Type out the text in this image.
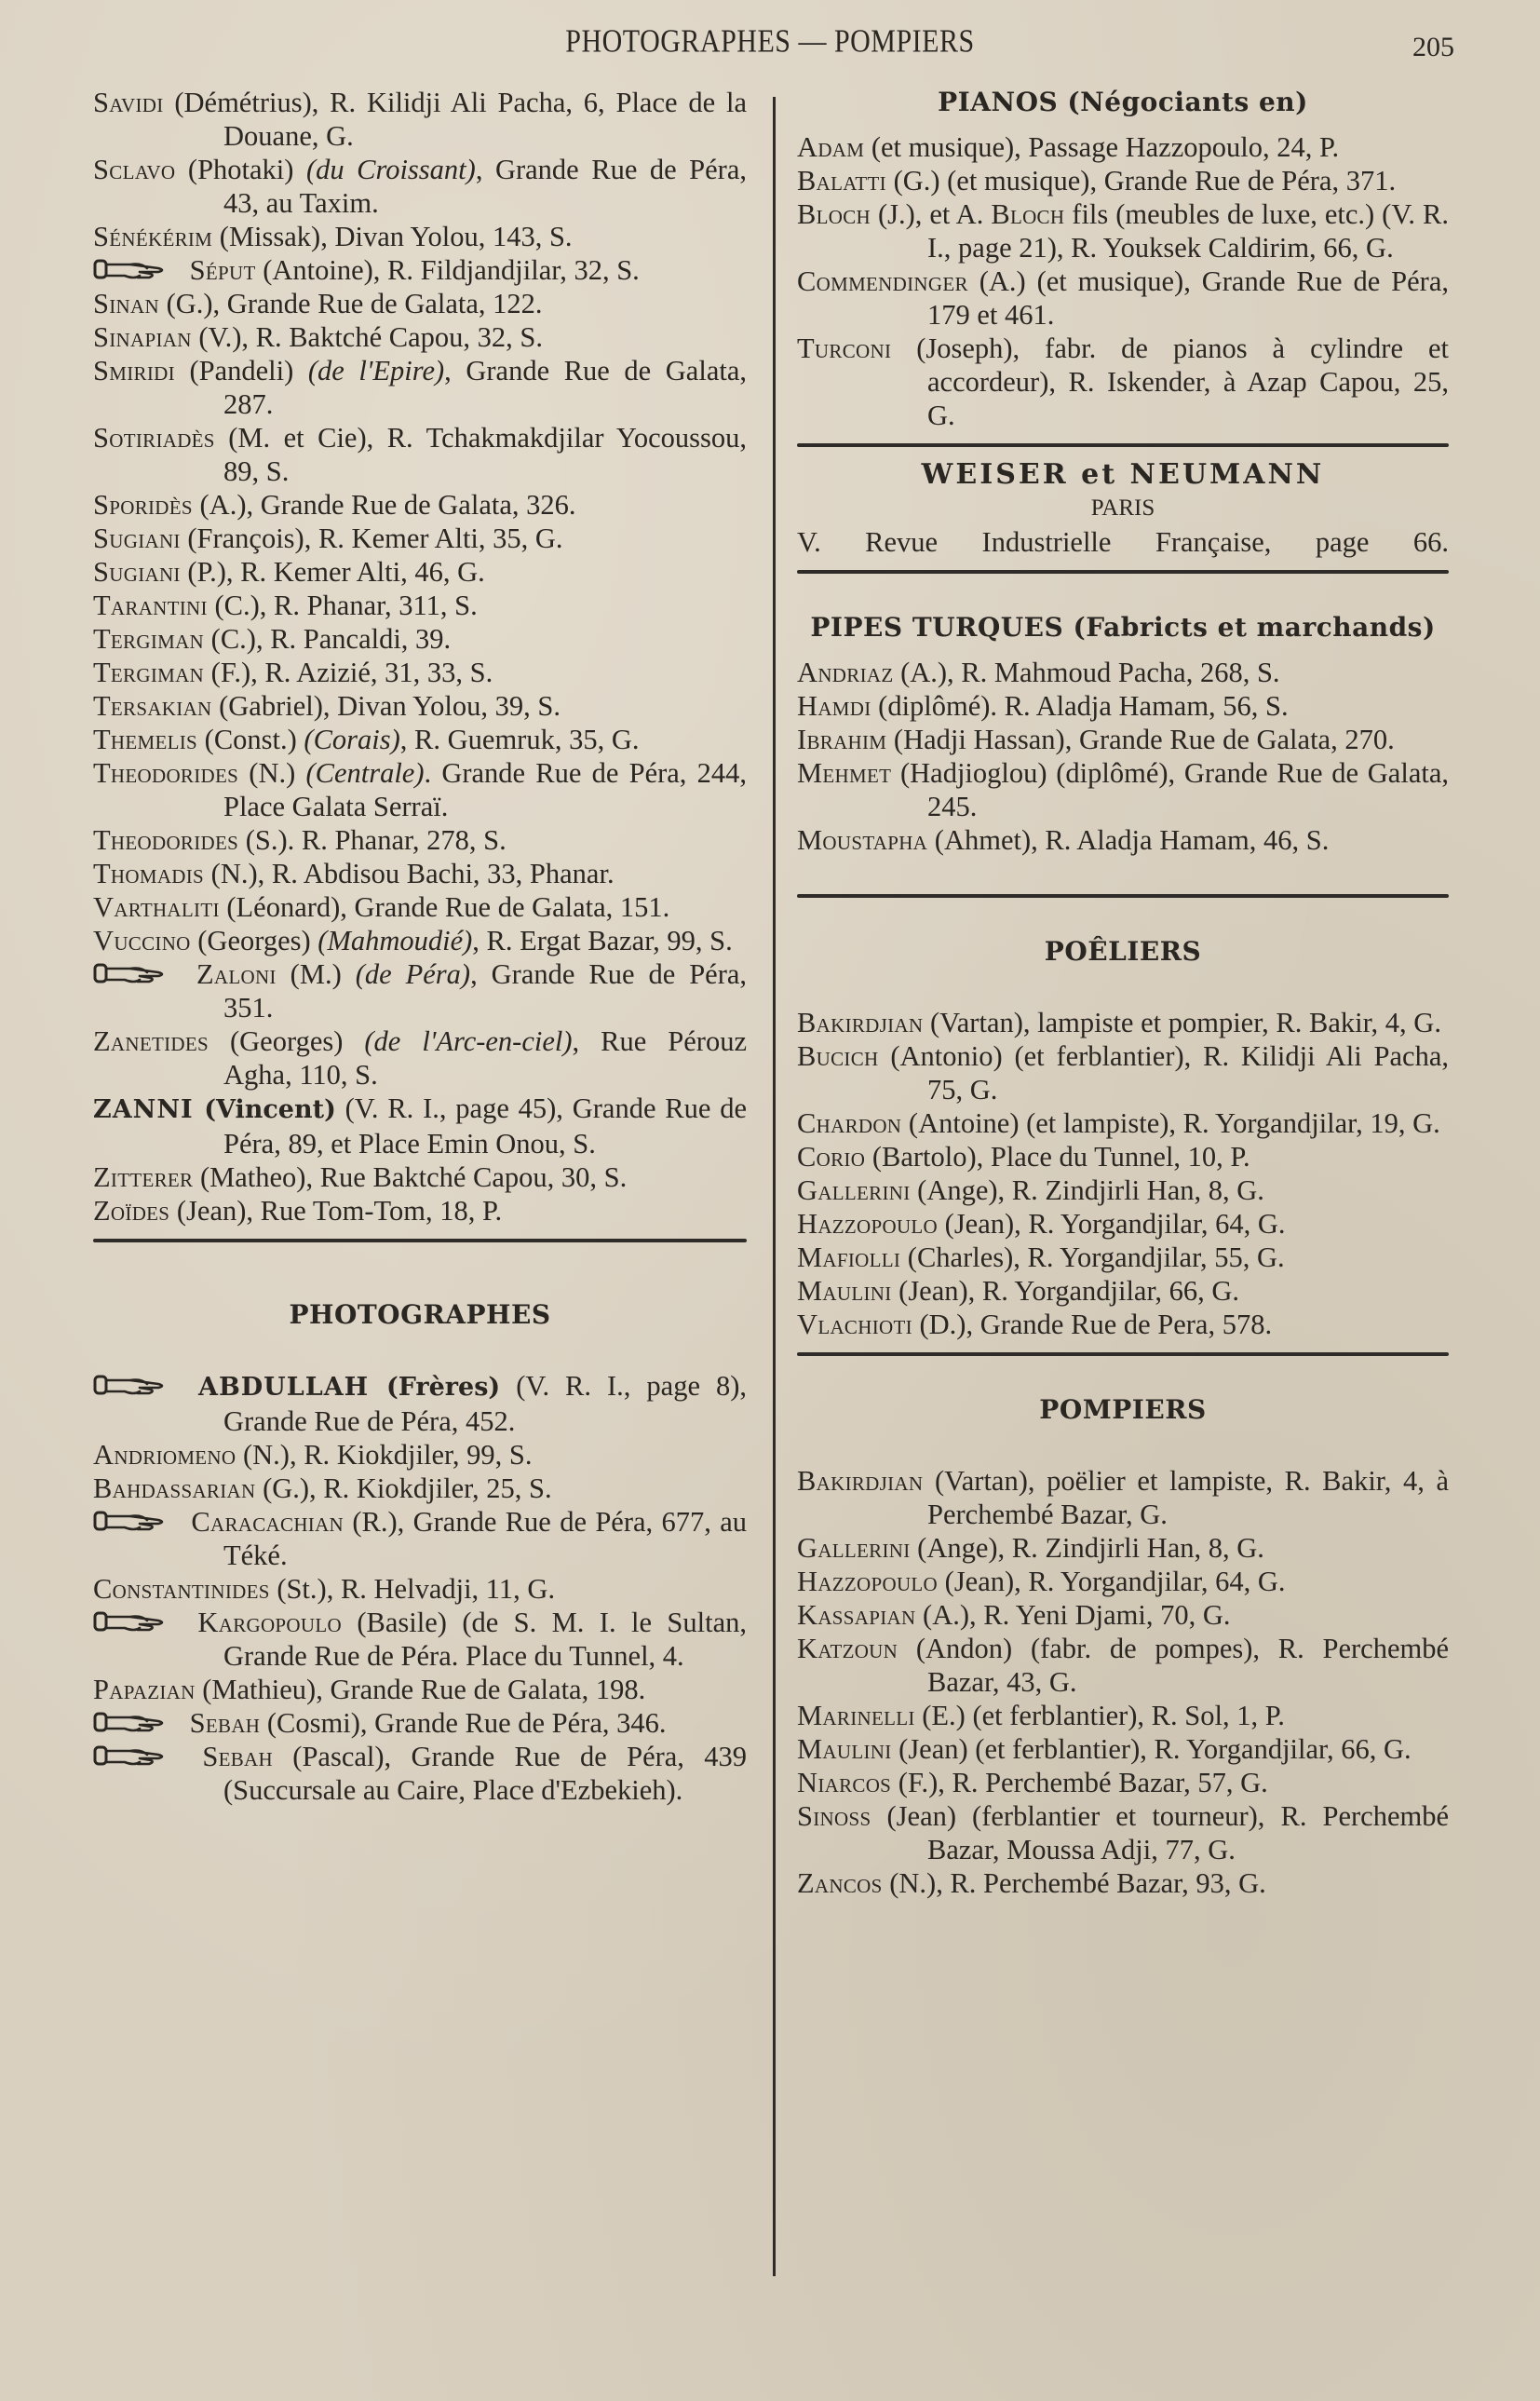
PHOTOGRAPHES — POMPIERS	205

Savidi (Démétrius), R. Kilidji Ali Pacha, 6, Place de la Douane, G.

Sclavo (Photaki) (du Croissant), Grande Rue de Péra, 43, au Taxim.

Sénékérim (Missak), Divan Yolou, 143, S.

Séput (Antoine), R. Fildjandjilar, 32, S.

Sinan (G.), Grande Rue de Galata, 122.

Sinapian (V.), R. Baktché Capou, 32, S.

Smiridi (Pandeli) (de l'Epire), Grande Rue de Galata, 287.

Sotiriadès (M. et Cie), R. Tchakmakdjilar Yocoussou, 89, S.

Sporidès (A.), Grande Rue de Galata, 326.

Sugiani (François), R. Kemer Alti, 35, G.

Sugiani (P.), R. Kemer Alti, 46, G.

Tarantini (C.), R. Phanar, 311, S.

Tergiman (C.), R. Pancaldi, 39.

Tergiman (F.), R. Azizié, 31, 33, S.

Tersakian (Gabriel), Divan Yolou, 39, S.

Themelis (Const.) (Corais), R. Guemruk, 35, G.

Theodorides (N.) (Centrale). Grande Rue de Péra, 244, Place Galata Serraï.

Theodorides (S.). R. Phanar, 278, S.

Thomadis (N.), R. Abdisou Bachi, 33, Phanar.

Varthaliti (Léonard), Grande Rue de Galata, 151.

Vuccino (Georges) (Mahmoudié), R. Ergat Bazar, 99, S.

Zaloni (M.) (de Péra), Grande Rue de Péra, 351.

Zanetides (Georges) (de l'Arc-en-ciel), Rue Pérouz Agha, 110, S.

ZANNI (Vincent) (V. R. I., page 45), Grande Rue de Péra, 89, et Place Emin Onou, S.

Zitterer (Matheo), Rue Baktché Capou, 30, S.

Zoïdes (Jean), Rue Tom-Tom, 18, P.

PHOTOGRAPHES

ABDULLAH (Frères) (V. R. I., page 8), Grande Rue de Péra, 452.

Andriomeno (N.), R. Kiokdjiler, 99, S.

Bahdassarian (G.), R. Kiokdjiler, 25, S.

Caracachian (R.), Grande Rue de Péra, 677, au Téké.

Constantinides (St.), R. Helvadji, 11, G.

Kargopoulo (Basile) (de S. M. I. le Sultan, Grande Rue de Péra. Place du Tunnel, 4.

Papazian (Mathieu), Grande Rue de Galata, 198.

Sebah (Cosmi), Grande Rue de Péra, 346.

Sebah (Pascal), Grande Rue de Péra, 439 (Succursale au Caire, Place d'Ezbekieh).

PIANOS (Négociants en)

Adam (et musique), Passage Hazzopoulo, 24, P.

Balatti (G.) (et musique), Grande Rue de Péra, 371.

Bloch (J.), et A. Bloch fils (meubles de luxe, etc.) (V. R. I., page 21), R. Youksek Caldirim, 66, G.

Commendinger (A.) (et musique), Grande Rue de Péra, 179 et 461.

Turconi (Joseph), fabr. de pianos à cylindre et accordeur), R. Iskender, à Azap Capou, 25, G.

WEISER et NEUMANN

PARIS

V. Revue Industrielle Française, page 66.

PIPES TURQUES (Fabricts et marchands)

Andriaz (A.), R. Mahmoud Pacha, 268, S.

Hamdi (diplômé). R. Aladja Hamam, 56, S.

Ibrahim (Hadji Hassan), Grande Rue de Galata, 270.

Mehmet (Hadjioglou) (diplômé), Grande Rue de Galata, 245.

Moustapha (Ahmet), R. Aladja Hamam, 46, S.

POÊLIERS

Bakirdjian (Vartan), lampiste et pompier, R. Bakir, 4, G.

Bucich (Antonio) (et ferblantier), R. Kilidji Ali Pacha, 75, G.

Chardon (Antoine) (et lampiste), R. Yorgandjilar, 19, G.

Corio (Bartolo), Place du Tunnel, 10, P.

Gallerini (Ange), R. Zindjirli Han, 8, G.

Hazzopoulo (Jean), R. Yorgandjilar, 64, G.

Mafiolli (Charles), R. Yorgandjilar, 55, G.

Maulini (Jean), R. Yorgandjilar, 66, G.

Vlachioti (D.), Grande Rue de Pera, 578.

POMPIERS

Bakirdjian (Vartan), poëlier et lampiste, R. Bakir, 4, à Perchembé Bazar, G.

Gallerini (Ange), R. Zindjirli Han, 8, G.

Hazzopoulo (Jean), R. Yorgandjilar, 64, G.

Kassapian (A.), R. Yeni Djami, 70, G.

Katzoun (Andon) (fabr. de pompes), R. Perchembé Bazar, 43, G.

Marinelli (E.) (et ferblantier), R. Sol, 1, P.

Maulini (Jean) (et ferblantier), R. Yorgandjilar, 66, G.

Niarcos (F.), R. Perchembé Bazar, 57, G.

Sinoss (Jean) (ferblantier et tourneur), R. Perchembé Bazar, Moussa Adji, 77, G.

Zancos (N.), R. Perchembé Bazar, 93, G.
